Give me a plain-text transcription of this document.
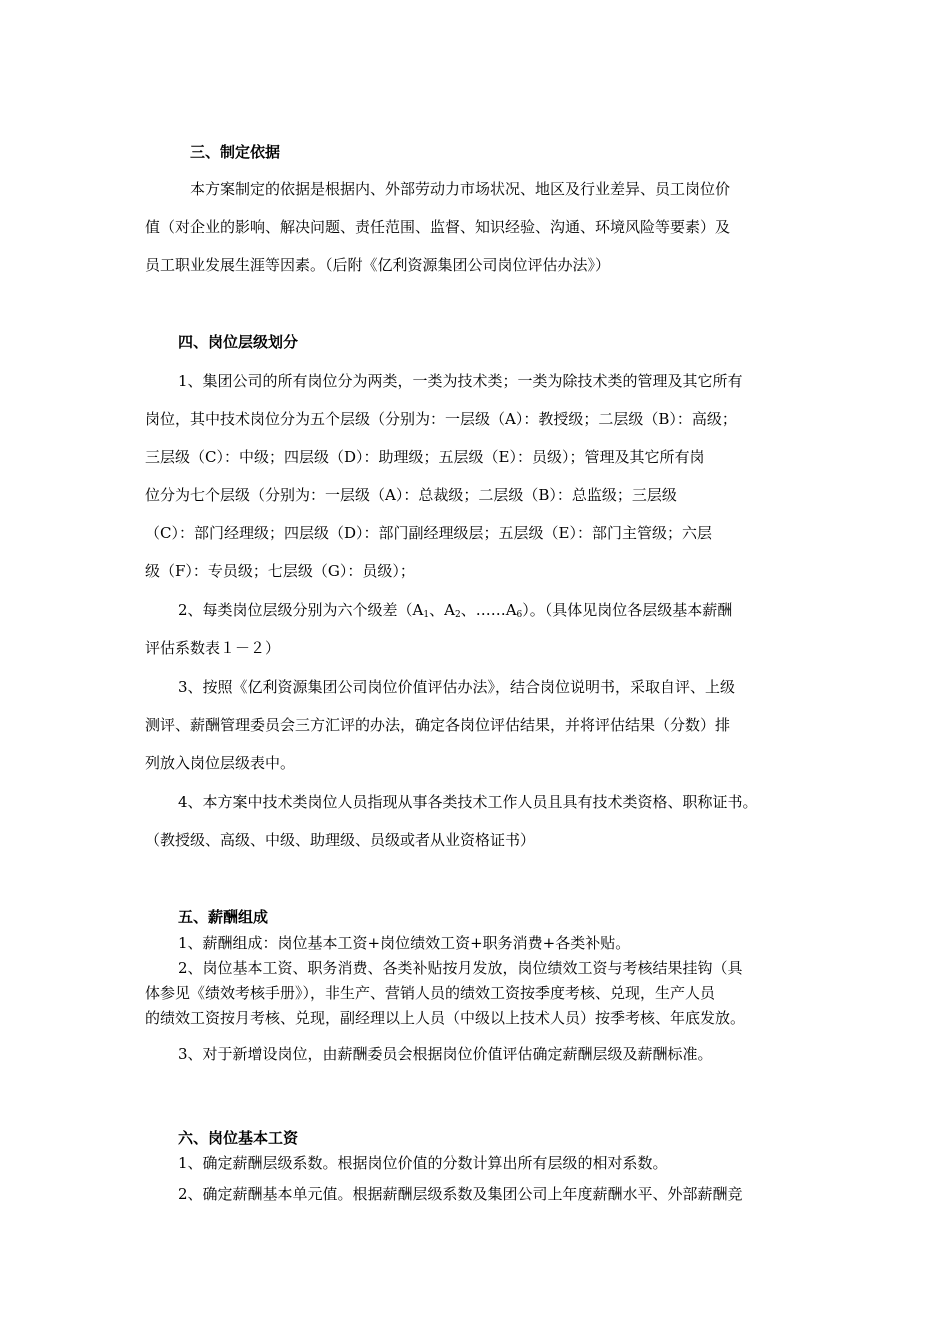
三、制定依据
本方案制定的依据是根据内、外部劳动力市场状况、地区及行业差异、员工岗位价
值（对企业的影响、解决问题、责任范围、监督、知识经验、沟通、环境风险等要素）及
员工职业发展生涯等因素。（后附《亿利资源集团公司岗位评估办法》）
四、岗位层级划分
1、集团公司的所有岗位分为两类，一类为技术类；一类为除技术类的管理及其它所有
岗位，其中技术岗位分为五个层级（分别为：一层级（A）：教授级；二层级（B）：高级；
三层级（C）：中级；四层级（D）：助理级；五层级（E）：员级）；管理及其它所有岗
位分为七个层级（分别为：一层级（A）：总裁级；二层级（B）：总监级；三层级
（C）：部门经理级；四层级（D）：部门副经理级层；五层级（E）：部门主管级；六层
级（F）：专员级；七层级（G）：员级）；
2、每类岗位层级分别为六个级差（$A_1$、$A_2$、$\dots\dots A_6$）。（具体见岗位各层级基本薪酬
评估系数表１－２）
3、按照《亿利资源集团公司岗位价值评估办法》，结合岗位说明书，采取自评、上级
测评、薪酬管理委员会三方汇评的办法，确定各岗位评估结果，并将评估结果（分数）排
列放入岗位层级表中。
4、本方案中技术类岗位人员指现从事各类技术工作人员且具有技术类资格、职称证书。
（教授级、高级、中级、助理级、员级或者从业资格证书）
五、薪酬组成
1、薪酬组成：岗位基本工资+岗位绩效工资+职务消费+各类补贴。
2、岗位基本工资、职务消费、各类补贴按月发放，岗位绩效工资与考核结果挂钩（具
体参见《绩效考核手册》），非生产、营销人员的绩效工资按季度考核、兑现，生产人员
的绩效工资按月考核、兑现，副经理以上人员（中级以上技术人员）按季考核、年底发放。
3、对于新增设岗位，由薪酬委员会根据岗位价值评估确定薪酬层级及薪酬标准。
六、岗位基本工资
1、确定薪酬层级系数。根据岗位价值的分数计算出所有层级的相对系数。
2、确定薪酬基本单元值。根据薪酬层级系数及集团公司上年度薪酬水平、外部薪酬竞
